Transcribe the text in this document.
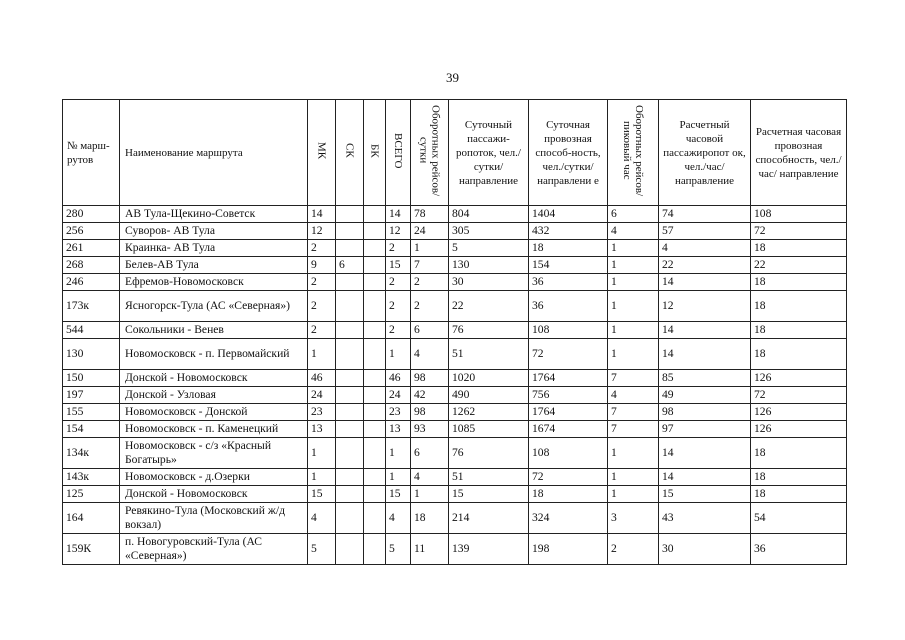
39
№ марш-рутов	Наименование маршрута	МК	СК	БК	ВСЕГО	Оборотных рейсов/сутки	Суточный пассажи-ропоток, чел./сутки/ направление	Суточная провозная способ-ность, чел./сутки/ направлени е	Оборотных рейсов/ пиковый час	Расчетный часовой пассажиропот ок, чел./час/ направление	Расчетная часовая провозная способность, чел./час/ направление
280	АВ Тула-Щекино-Советск	14			14	78	804	1404	6	74	108
256	Суворов- АВ Тула	12			12	24	305	432	4	57	72
261	Краинка- АВ Тула	2			2	1	5	18	1	4	18
268	Белев-АВ Тула	9	6		15	7	130	154	1	22	22
246	Ефремов-Новомосковск	2			2	2	30	36	1	14	18
173к	Ясногорск-Тула (АС «Северная»)	2			2	2	22	36	1	12	18
544	Сокольники - Венев	2			2	6	76	108	1	14	18
130	Новомосковск - п. Первомайский	1			1	4	51	72	1	14	18
150	Донской - Новомосковск	46			46	98	1020	1764	7	85	126
197	Донской - Узловая	24			24	42	490	756	4	49	72
155	Новомосковск - Донской	23			23	98	1262	1764	7	98	126
154	Новомосковск - п. Каменецкий	13			13	93	1085	1674	7	97	126
134к	Новомосковск - с/з «Красный Богатырь»	1			1	6	76	108	1	14	18
143к	Новомосковск - д.Озерки	1			1	4	51	72	1	14	18
125	Донской - Новомосковск	15			15	1	15	18	1	15	18
164	Ревякино-Тула (Московский ж/д вокзал)	4			4	18	214	324	3	43	54
159К	п. Новогуровский-Тула (АС «Северная»)	5			5	11	139	198	2	30	36
